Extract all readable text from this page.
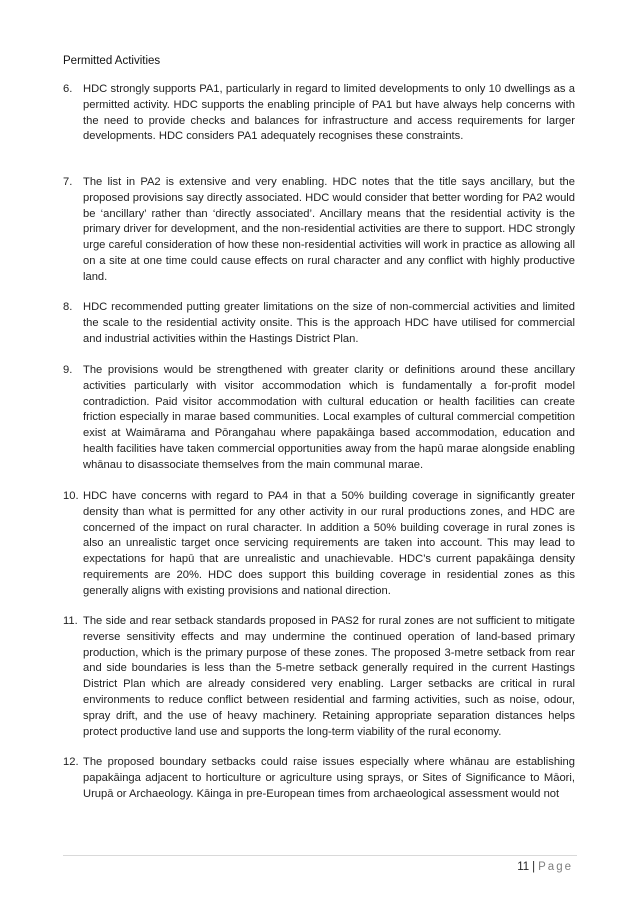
Permitted Activities
6. HDC strongly supports PA1, particularly in regard to limited developments to only 10 dwellings as a permitted activity. HDC supports the enabling principle of PA1 but have always help concerns with the need to provide checks and balances for infrastructure and access requirements for larger developments. HDC considers PA1 adequately recognises these constraints.
7. The list in PA2 is extensive and very enabling. HDC notes that the title says ancillary, but the proposed provisions say directly associated. HDC would consider that better wording for PA2 would be ‘ancillary’ rather than ‘directly associated’. Ancillary means that the residential activity is the primary driver for development, and the non-residential activities are there to support. HDC strongly urge careful consideration of how these non-residential activities will work in practice as allowing all on a site at one time could cause effects on rural character and any conflict with highly productive land.
8. HDC recommended putting greater limitations on the size of non-commercial activities and limited the scale to the residential activity onsite. This is the approach HDC have utilised for commercial and industrial activities within the Hastings District Plan.
9. The provisions would be strengthened with greater clarity or definitions around these ancillary activities particularly with visitor accommodation which is fundamentally a for-profit model contradiction. Paid visitor accommodation with cultural education or health facilities can create friction especially in marae based communities. Local examples of cultural commercial competition exist at Waimārama and Pōrangahau where papakāinga based accommodation, education and health facilities have taken commercial opportunities away from the hapū marae alongside enabling whānau to disassociate themselves from the main communal marae.
10. HDC have concerns with regard to PA4 in that a 50% building coverage in significantly greater density than what is permitted for any other activity in our rural productions zones, and HDC are concerned of the impact on rural character. In addition a 50% building coverage in rural zones is also an unrealistic target once servicing requirements are taken into account. This may lead to expectations for hapū that are unrealistic and unachievable. HDC’s current papakāinga density requirements are 20%. HDC does support this building coverage in residential zones as this generally aligns with existing provisions and national direction.
11. The side and rear setback standards proposed in PAS2 for rural zones are not sufficient to mitigate reverse sensitivity effects and may undermine the continued operation of land-based primary production, which is the primary purpose of these zones. The proposed 3-metre setback from rear and side boundaries is less than the 5-metre setback generally required in the current Hastings District Plan which are already considered very enabling. Larger setbacks are critical in rural environments to reduce conflict between residential and farming activities, such as noise, odour, spray drift, and the use of heavy machinery. Retaining appropriate separation distances helps protect productive land use and supports the long-term viability of the rural economy.
12. The proposed boundary setbacks could raise issues especially where whānau are establishing papakāinga adjacent to horticulture or agriculture using sprays, or Sites of Significance to Māori, Urupā or Archaeology. Kāinga in pre-European times from archaeological assessment would not
11 | Page
